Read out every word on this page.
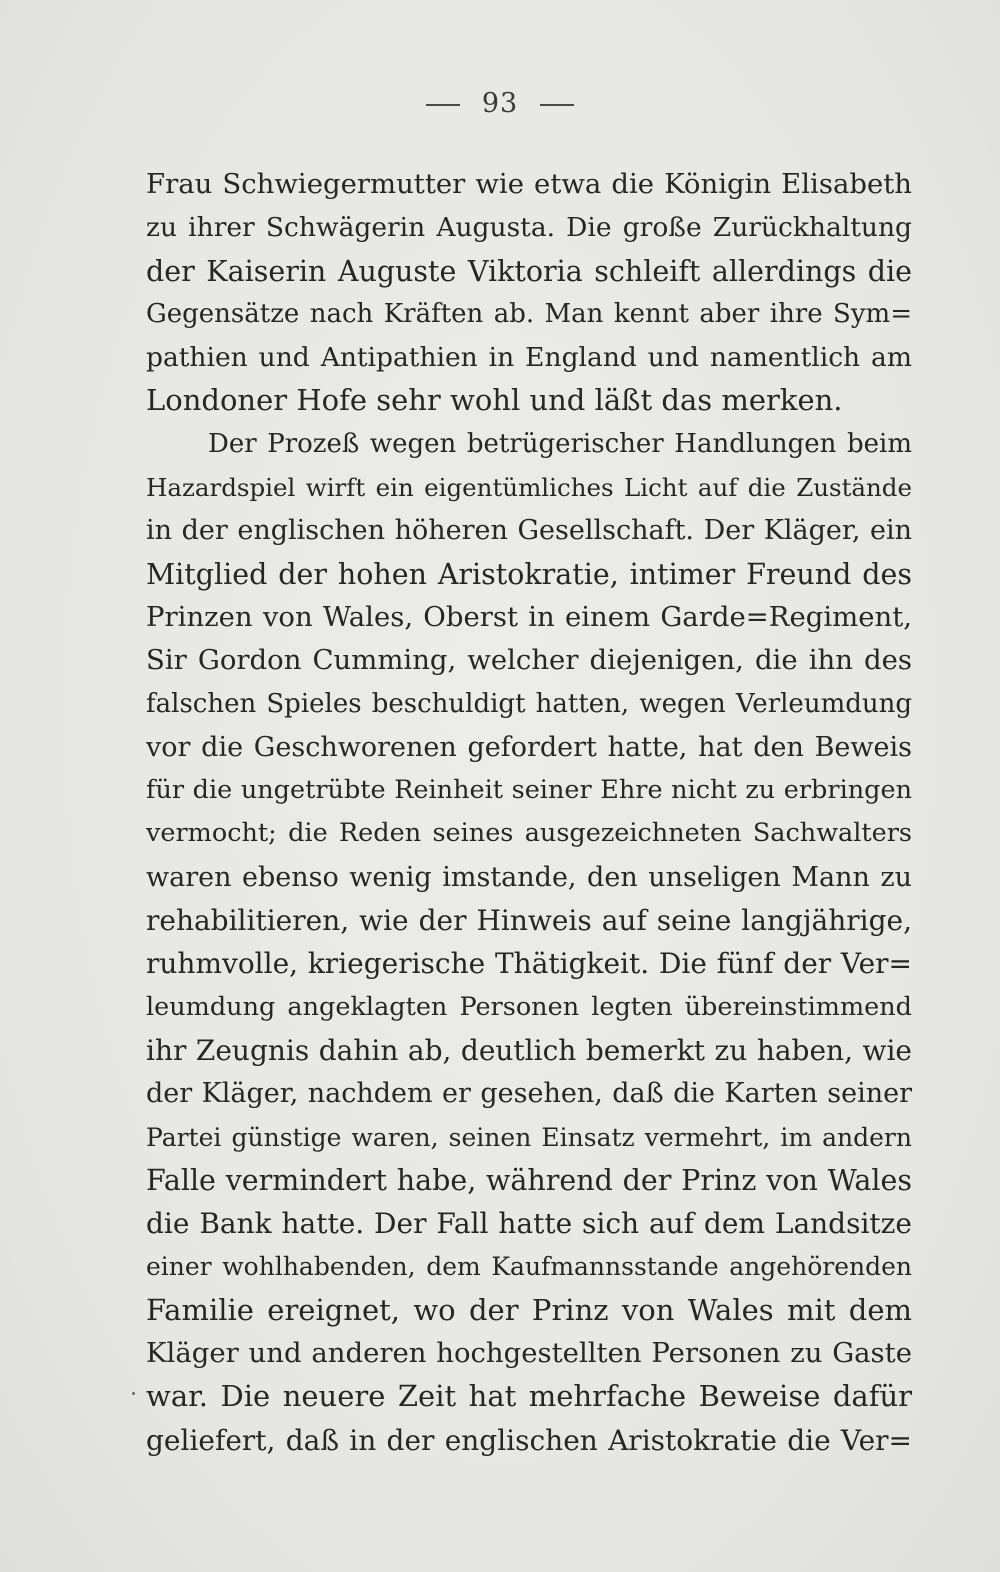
93
Frau Schwiegermutter wie etwa die Königin Elisabeth
zu ihrer Schwägerin Augusta. Die große Zurückhaltung
der Kaiserin Auguste Viktoria schleift allerdings die
Gegensätze nach Kräften ab. Man kennt aber ihre Sym=
pathien und Antipathien in England und namentlich am
Londoner Hofe sehr wohl und läßt das merken.
Der Prozeß wegen betrügerischer Handlungen beim
Hazardspiel wirft ein eigentümliches Licht auf die Zustände
in der englischen höheren Gesellschaft. Der Kläger, ein
Mitglied der hohen Aristokratie, intimer Freund des
Prinzen von Wales, Oberst in einem Garde=Regiment,
Sir Gordon Cumming, welcher diejenigen, die ihn des
falschen Spieles beschuldigt hatten, wegen Verleumdung
vor die Geschworenen gefordert hatte, hat den Beweis
für die ungetrübte Reinheit seiner Ehre nicht zu erbringen
vermocht; die Reden seines ausgezeichneten Sachwalters
waren ebenso wenig imstande, den unseligen Mann zu
rehabilitieren, wie der Hinweis auf seine langjährige,
ruhmvolle, kriegerische Thätigkeit. Die fünf der Ver=
leumdung angeklagten Personen legten übereinstimmend
ihr Zeugnis dahin ab, deutlich bemerkt zu haben, wie
der Kläger, nachdem er gesehen, daß die Karten seiner
Partei günstige waren, seinen Einsatz vermehrt, im andern
Falle vermindert habe, während der Prinz von Wales
die Bank hatte. Der Fall hatte sich auf dem Landsitze
einer wohlhabenden, dem Kaufmannsstande angehörenden
Familie ereignet, wo der Prinz von Wales mit dem
Kläger und anderen hochgestellten Personen zu Gaste
war. Die neuere Zeit hat mehrfache Beweise dafür
geliefert, daß in der englischen Aristokratie die Ver=
